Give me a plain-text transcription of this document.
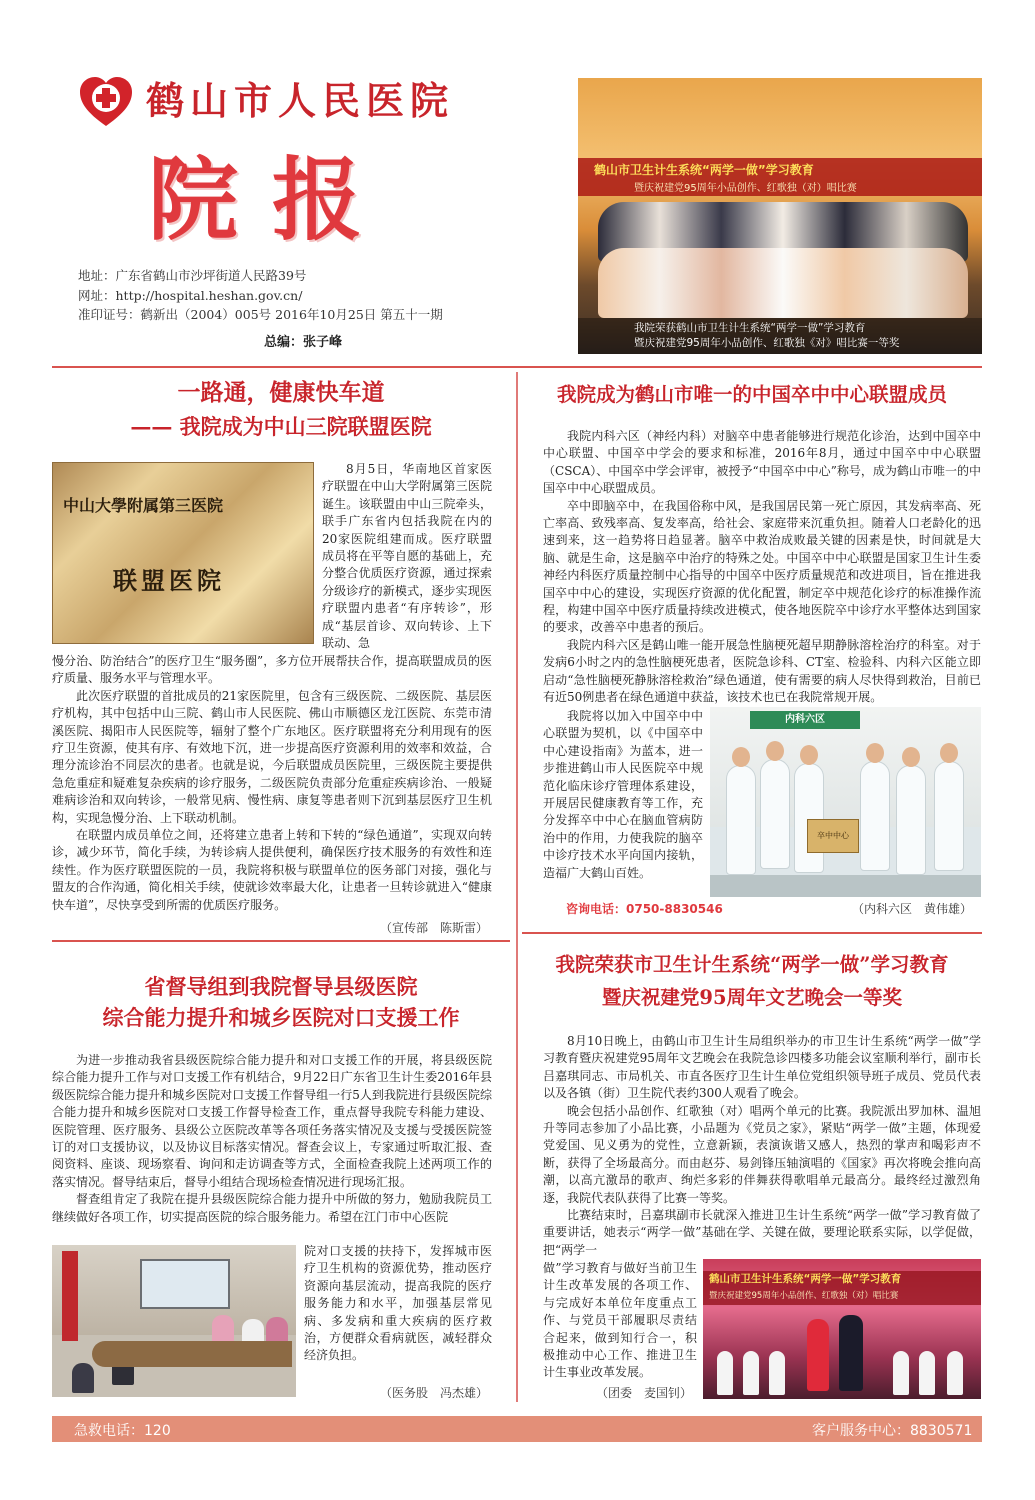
鹤山市人民医院
院报
地址：广东省鹤山市沙坪街道人民路39号
网址：http://hospital.heshan.gov.cn/
准印证号：鹤新出（2004）005号 2016年10月25日 第五十一期
总编：张子峰
鹤山市卫生计生系统“两学一做”学习教育
暨庆祝建党95周年小品创作、红歌独（对）唱比赛
我院荣获鹤山市卫生计生系统“两学一做”学习教育
暨庆祝建党95周年小品创作、红歌独《对》唱比赛一等奖
一路通，健康快车道
—— 我院成为中山三院联盟医院
中山大學附属第三医院
联盟医院

8月5日，华南地区首家医疗联盟在中山大学附属第三医院诞生。该联盟由中山三院牵头，联手广东省内包括我院在内的20家医院组建而成。医疗联盟成员将在平等自愿的基础上，充分整合优质医疗资源，通过探索分级诊疗的新模式，逐步实现医疗联盟内患者“有序转诊”，形成“基层首诊、双向转诊、上下联动、急

慢分治、防治结合”的医疗卫生“服务圈”，多方位开展帮扶合作，提高联盟成员的医疗质量、服务水平与管理水平。

此次医疗联盟的首批成员的21家医院里，包含有三级医院、二级医院、基层医疗机构，其中包括中山三院、鹤山市人民医院、佛山市顺德区龙江医院、东莞市清溪医院、揭阳市人民医院等，辐射了整个广东地区。医疗联盟将充分利用现有的医疗卫生资源，使其有序、有效地下沉，进一步提高医疗资源利用的效率和效益，合理分流诊治不同层次的患者。也就是说，今后联盟成员医院里，三级医院主要提供急危重症和疑难复杂疾病的诊疗服务，二级医院负责部分危重症疾病诊治、一般疑难病诊治和双向转诊，一般常见病、慢性病、康复等患者则下沉到基层医疗卫生机构，实现急慢分治、上下联动机制。

在联盟内成员单位之间，还将建立患者上转和下转的“绿色通道”，实现双向转诊，减少环节，简化手续，为转诊病人提供便利，确保医疗技术服务的有效性和连续性。作为医疗联盟医院的一员，我院将积极与联盟单位的医务部门对接，强化与盟友的合作沟通，简化相关手续，使就诊效率最大化，让患者一旦转诊就进入“健康快车道”，尽快享受到所需的优质医疗服务。

（宣传部　陈斯雷）
我院成为鹤山市唯一的中国卒中中心联盟成员

我院内科六区（神经内科）对脑卒中患者能够进行规范化诊治，达到中国卒中中心联盟、中国卒中学会的要求和标准，2016年8月，通过中国卒中中心联盟（CSCA）、中国卒中学会评审，被授予“中国卒中中心”称号，成为鹤山市唯一的中国卒中中心联盟成员。

卒中即脑卒中，在我国俗称中风，是我国居民第一死亡原因，其发病率高、死亡率高、致残率高、复发率高，给社会、家庭带来沉重负担。随着人口老龄化的迅速到来，这一趋势将日趋显著。脑卒中救治成败最关键的因素是快，时间就是大脑、就是生命，这是脑卒中治疗的特殊之处。中国卒中中心联盟是国家卫生计生委神经内科医疗质量控制中心指导的中国卒中医疗质量规范和改进项目，旨在推进我国卒中中心的建设，实现医疗资源的优化配置，制定卒中规范化诊疗的标准操作流程，构建中国卒中医疗质量持续改进模式，使各地医院卒中诊疗水平整体达到国家的要求，改善卒中患者的预后。

我院内科六区是鹤山唯一能开展急性脑梗死超早期静脉溶栓治疗的科室。对于发病6小时之内的急性脑梗死患者，医院急诊科、CT室、检验科、内科六区能立即启动“急性脑梗死静脉溶栓救治”绿色通道，使有需要的病人尽快得到救治，目前已有近50例患者在绿色通道中获益，该技术也已在我院常规开展。

我院将以加入中国卒中中心联盟为契机，以《中国卒中中心建设指南》为蓝本，进一步推进鹤山市人民医院卒中规范化临床诊疗管理体系建设，开展居民健康教育等工作，充分发挥卒中中心在脑血管病防治中的作用，力使我院的脑卒中诊疗技术水平向国内接轨，造福广大鹤山百姓。

内科六区
卒中中心
咨询电话：0750-8830546	（内科六区　黄伟雄）
省督导组到我院督导县级医院
综合能力提升和城乡医院对口支援工作

为进一步推动我省县级医院综合能力提升和对口支援工作的开展，将县级医院综合能力提升工作与对口支援工作有机结合，9月22日广东省卫生计生委2016年县级医院综合能力提升和城乡医院对口支援工作督导组一行5人到我院进行县级医院综合能力提升和城乡医院对口支援工作督导检查工作，重点督导我院专科能力建设、医院管理、医疗服务、县级公立医院改革等各项任务落实情况及支援与受援医院签订的对口支援协议，以及协议目标落实情况。督查会议上，专家通过听取汇报、查阅资料、座谈、现场察看、询问和走访调查等方式，全面检查我院上述两项工作的落实情况。督导结束后，督导小组结合现场检查情况进行现场汇报。

督查组肯定了我院在提升县级医院综合能力提升中所做的努力，勉励我院员工继续做好各项工作，切实提高医院的综合服务能力。希望在江门市中心医院

院对口支援的扶持下，发挥城市医疗卫生机构的资源优势，推动医疗资源向基层流动，提高我院的医疗服务能力和水平，加强基层常见病、多发病和重大疾病的医疗救治，方便群众看病就医，减轻群众经济负担。

（医务股　冯杰雄）
我院荣获市卫生计生系统“两学一做”学习教育
暨庆祝建党95周年文艺晚会一等奖

8月10日晚上，由鹤山市卫生计生局组织举办的市卫生计生系统“两学一做”学习教育暨庆祝建党95周年文艺晚会在我院急诊四楼多功能会议室顺利举行，副市长吕嘉琪同志、市局机关、市直各医疗卫生计生单位党组织领导班子成员、党员代表以及各镇（街）卫生院代表约300人观看了晚会。

晚会包括小品创作、红歌独（对）唱两个单元的比赛。我院派出罗加林、温旭升等同志参加了小品比赛，小品题为《党员之家》，紧贴“两学一做”主题，体现爱党爱国、见义勇为的党性，立意新颖，表演诙谐又感人，热烈的掌声和喝彩声不断，获得了全场最高分。而由赵芬、易剑锋压轴演唱的《国家》再次将晚会推向高潮，以高亢激昂的歌声、绚烂多彩的伴舞获得歌唱单元最高分。最终经过激烈角逐，我院代表队获得了比赛一等奖。

比赛结束时，吕嘉琪副市长就深入推进卫生计生系统“两学一做”学习教育做了重要讲话，她表示“两学一做”基础在学、关键在做，要理论联系实际，以学促做，把“两学一

做”学习教育与做好当前卫生计生改革发展的各项工作、与完成好本单位年度重点工作、与党员干部履职尽责结合起来，做到知行合一，积极推动中心工作、推进卫生计生事业改革发展。

鹤山市卫生计生系统“两学一做”学习教育
暨庆祝建党95周年小品创作、红歌独（对）唱比赛
（团委　麦国钊）
急救电话：120	客户服务中心：8830571
